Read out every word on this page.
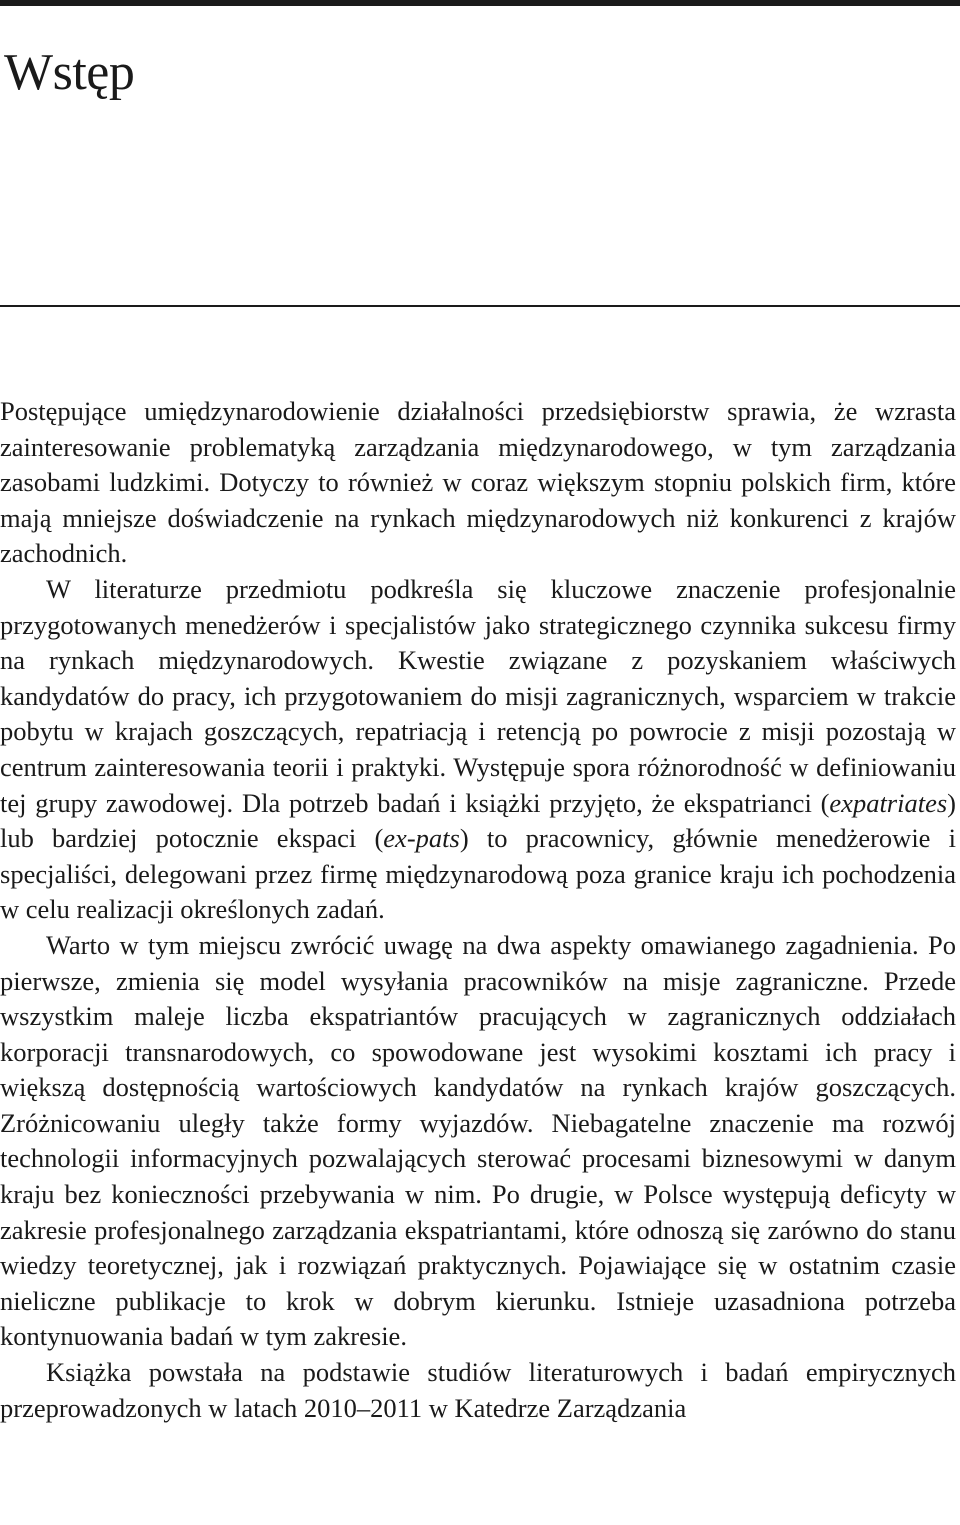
Wstęp

Postępujące umiędzynarodowienie działalności przedsiębiorstw sprawia, że wzrasta zainteresowanie problematyką zarządzania międzynarodowego, w tym zarządzania zasobami ludzkimi. Dotyczy to również w coraz większym stopniu polskich firm, które mają mniejsze doświadczenie na rynkach międzynarodowych niż konkurenci z krajów zachodnich.

W literaturze przedmiotu podkreśla się kluczowe znaczenie profesjonalnie przygotowanych menedżerów i specjalistów jako strategicznego czynnika sukcesu firmy na rynkach międzynarodowych. Kwestie związane z pozyskaniem właściwych kandydatów do pracy, ich przygotowaniem do misji zagranicznych, wsparciem w trakcie pobytu w krajach goszczących, repatriacją i retencją po powrocie z misji pozostają w centrum zainteresowania teorii i praktyki. Występuje spora różnorodność w definiowaniu tej grupy zawodowej. Dla potrzeb badań i książki przyjęto, że ekspatrianci (expatriates) lub bardziej potocznie ekspaci (ex-pats) to pracownicy, głównie menedżerowie i specjaliści, delegowani przez firmę międzynarodową poza granice kraju ich pochodzenia w celu realizacji określonych zadań.

Warto w tym miejscu zwrócić uwagę na dwa aspekty omawianego zagadnienia. Po pierwsze, zmienia się model wysyłania pracowników na misje zagraniczne. Przede wszystkim maleje liczba ekspatriantów pracujących w zagranicznych oddziałach korporacji transnarodowych, co spowodowane jest wysokimi kosztami ich pracy i większą dostępnością wartościowych kandydatów na rynkach krajów goszczących. Zróżnicowaniu uległy także formy wyjazdów. Niebagatelne znaczenie ma rozwój technologii informacyjnych pozwalających sterować procesami biznesowymi w danym kraju bez konieczności przebywania w nim. Po drugie, w Polsce występują deficyty w zakresie profesjonalnego zarządzania ekspatriantami, które odnoszą się zarówno do stanu wiedzy teoretycznej, jak i rozwiązań praktycznych. Pojawiające się w ostatnim czasie nieliczne publikacje to krok w dobrym kierunku. Istnieje uzasadniona potrzeba kontynuowania badań w tym zakresie.

Książka powstała na podstawie studiów literaturowych i badań empirycznych przeprowadzonych w latach 2010–2011 w Katedrze Zarządzania
